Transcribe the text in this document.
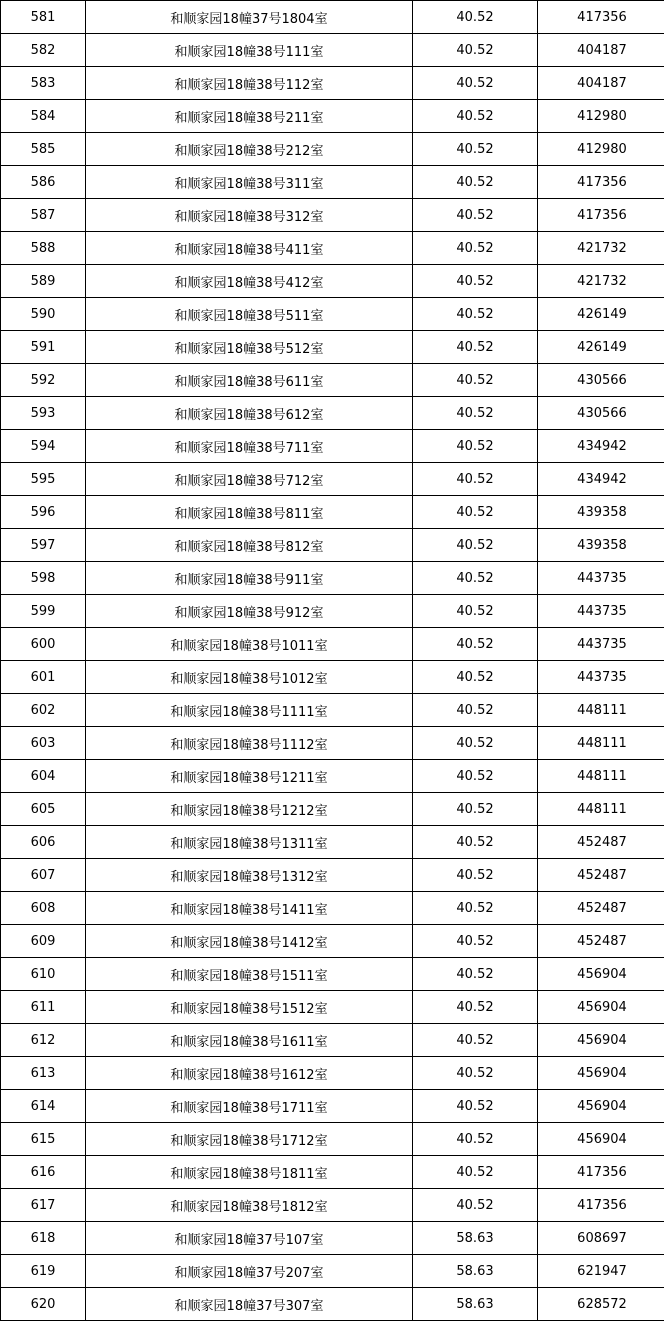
581	和顺家园18幢37号1804室	40.52	417356
582	和顺家园18幢38号111室	40.52	404187
583	和顺家园18幢38号112室	40.52	404187
584	和顺家园18幢38号211室	40.52	412980
585	和顺家园18幢38号212室	40.52	412980
586	和顺家园18幢38号311室	40.52	417356
587	和顺家园18幢38号312室	40.52	417356
588	和顺家园18幢38号411室	40.52	421732
589	和顺家园18幢38号412室	40.52	421732
590	和顺家园18幢38号511室	40.52	426149
591	和顺家园18幢38号512室	40.52	426149
592	和顺家园18幢38号611室	40.52	430566
593	和顺家园18幢38号612室	40.52	430566
594	和顺家园18幢38号711室	40.52	434942
595	和顺家园18幢38号712室	40.52	434942
596	和顺家园18幢38号811室	40.52	439358
597	和顺家园18幢38号812室	40.52	439358
598	和顺家园18幢38号911室	40.52	443735
599	和顺家园18幢38号912室	40.52	443735
600	和顺家园18幢38号1011室	40.52	443735
601	和顺家园18幢38号1012室	40.52	443735
602	和顺家园18幢38号1111室	40.52	448111
603	和顺家园18幢38号1112室	40.52	448111
604	和顺家园18幢38号1211室	40.52	448111
605	和顺家园18幢38号1212室	40.52	448111
606	和顺家园18幢38号1311室	40.52	452487
607	和顺家园18幢38号1312室	40.52	452487
608	和顺家园18幢38号1411室	40.52	452487
609	和顺家园18幢38号1412室	40.52	452487
610	和顺家园18幢38号1511室	40.52	456904
611	和顺家园18幢38号1512室	40.52	456904
612	和顺家园18幢38号1611室	40.52	456904
613	和顺家园18幢38号1612室	40.52	456904
614	和顺家园18幢38号1711室	40.52	456904
615	和顺家园18幢38号1712室	40.52	456904
616	和顺家园18幢38号1811室	40.52	417356
617	和顺家园18幢38号1812室	40.52	417356
618	和顺家园18幢37号107室	58.63	608697
619	和顺家园18幢37号207室	58.63	621947
620	和顺家园18幢37号307室	58.63	628572
